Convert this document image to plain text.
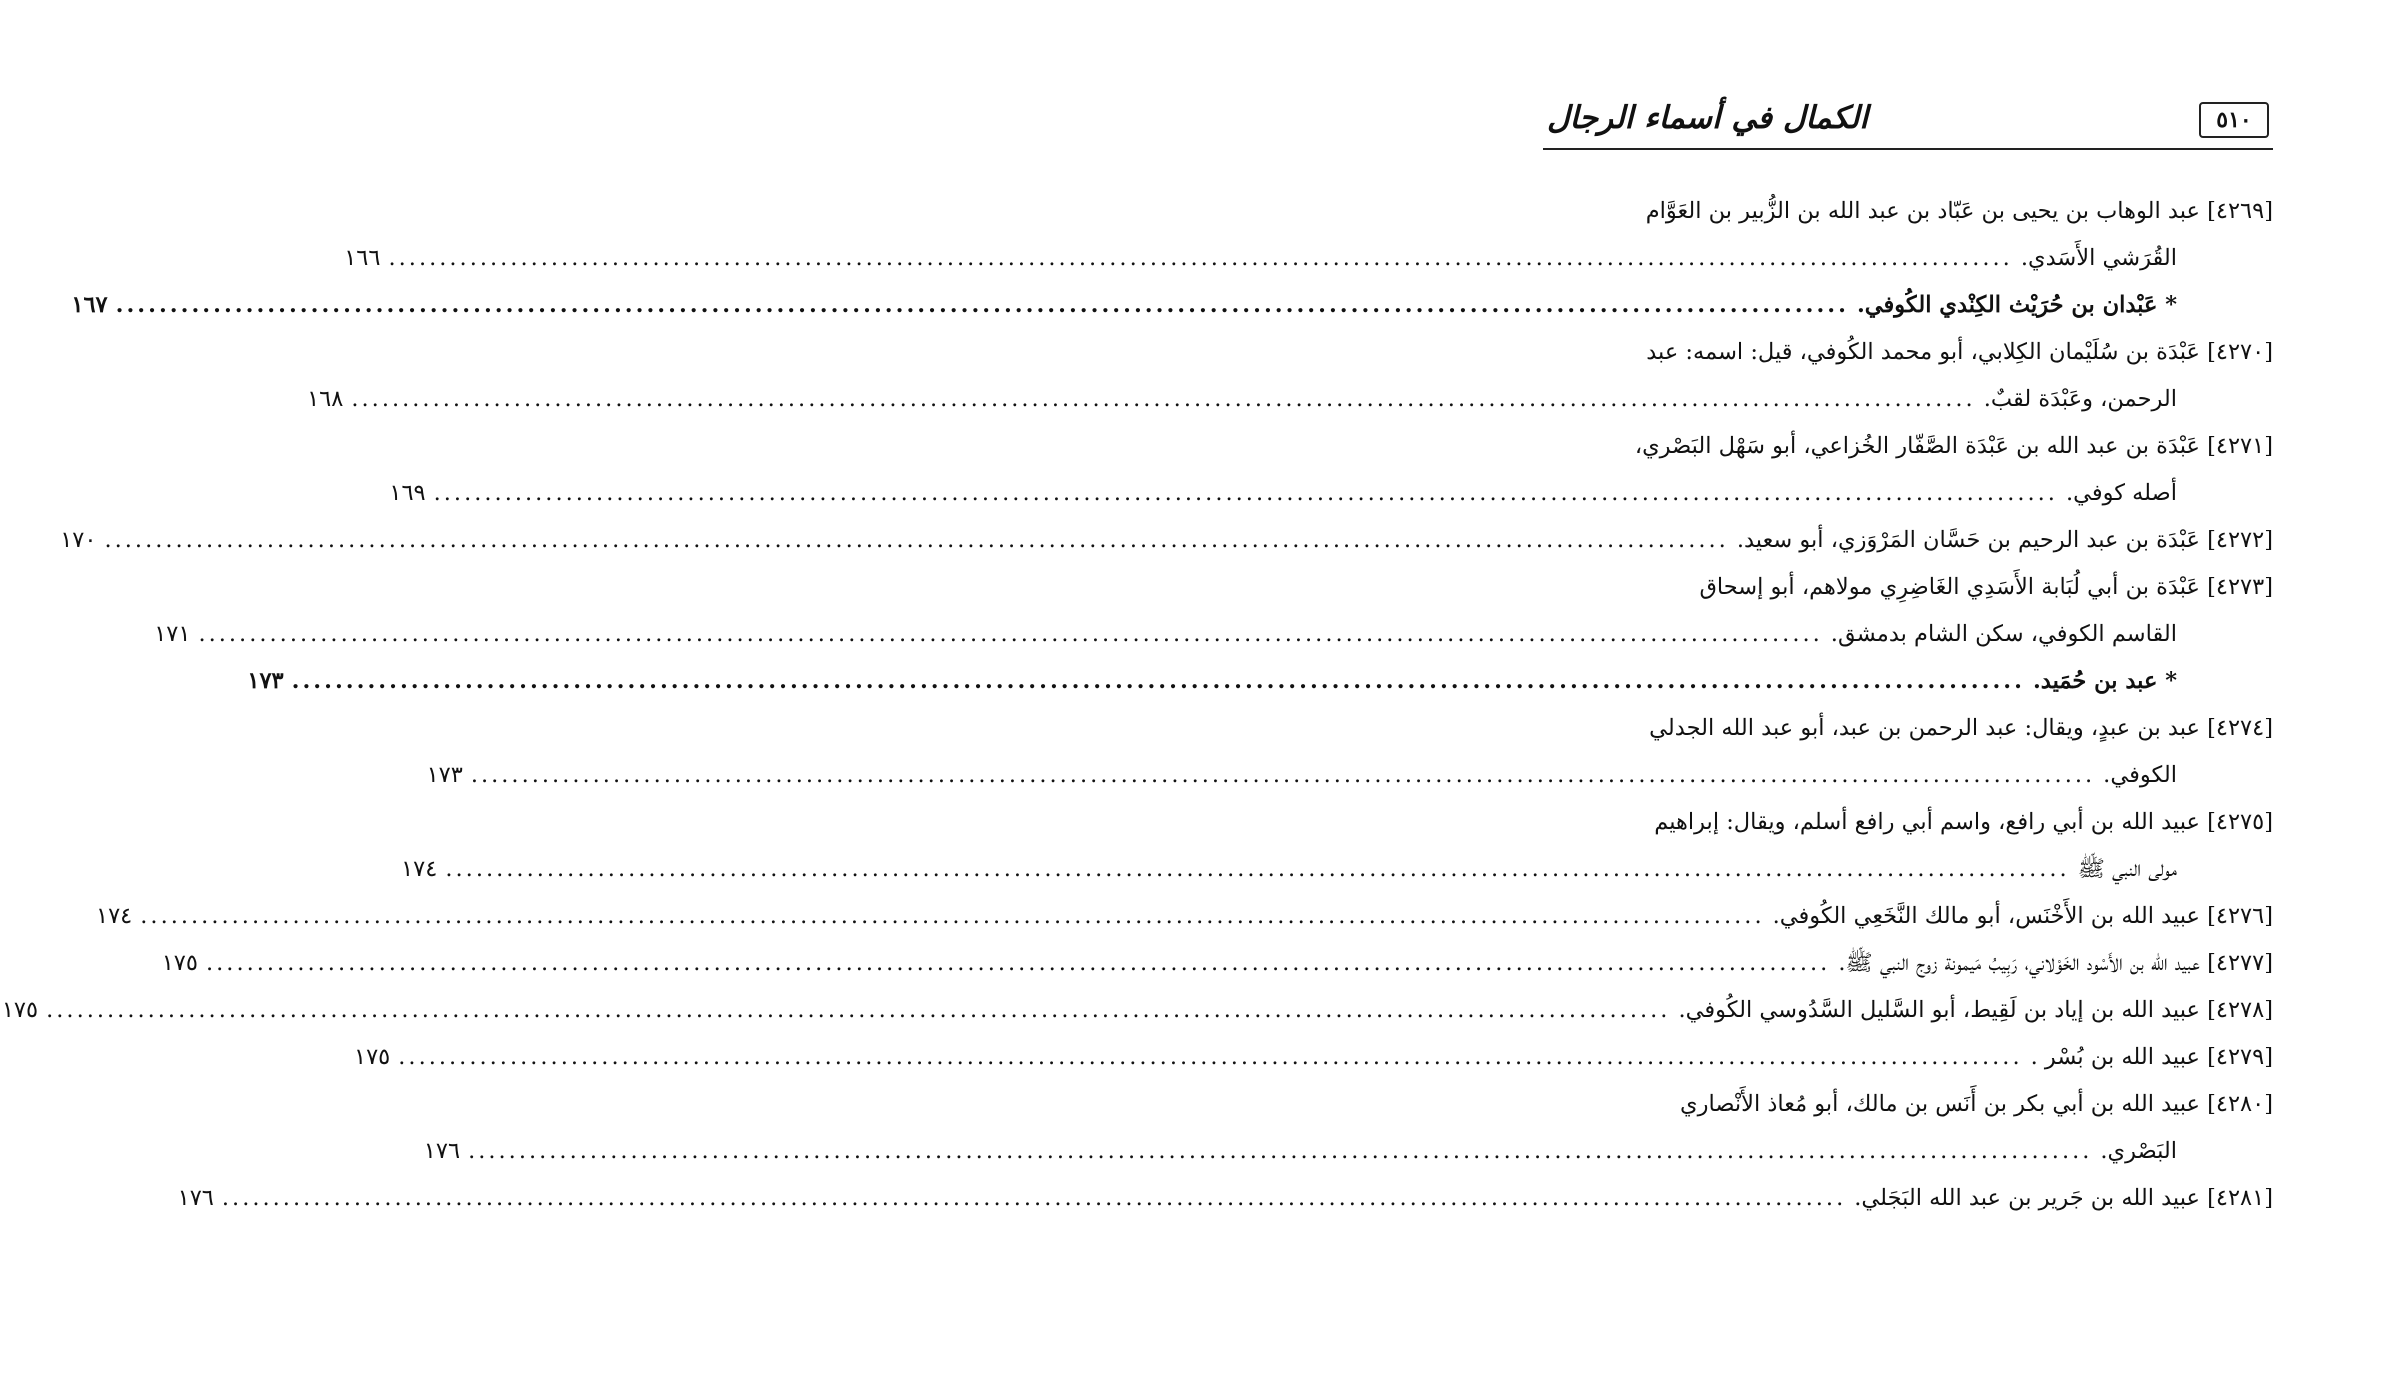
٥١٠
الكمال في أسماء الرجال
[٤٢٦٩] عبد الوهاب بن يحيى بن عَبّاد بن عبد الله بن الزُّبير بن العَوَّام
القُرَشي الأَسَدي.
................................................................................................................................................................
١٦٦
* عَبْدان بن حُرَيْث الكِنْدي الكُوفي.
................................................................................................................................................................
١٦٧
[٤٢٧٠] عَبْدَة بن سُلَيْمان الكِلابي، أبو محمد الكُوفي، قيل: اسمه: عبد
الرحمن، وعَبْدَة لقبٌ.
................................................................................................................................................................
١٦٨
[٤٢٧١] عَبْدَة بن عبد الله بن عَبْدَة الصَّفّار الخُزاعي، أبو سَهْل البَصْري،
أصله كوفي.
................................................................................................................................................................
١٦٩
[٤٢٧٢] عَبْدَة بن عبد الرحيم بن حَسَّان المَرْوَزي، أبو سعيد.
................................................................................................................................................................
١٧٠
[٤٢٧٣] عَبْدَة بن أبي لُبَابة الأَسَدِي الغَاضِرِي مولاهم، أبو إسحاق
القاسم الكوفي، سكن الشام بدمشق.
................................................................................................................................................................
١٧١
* عبد بن حُمَيد.
................................................................................................................................................................
١٧٣
[٤٢٧٤] عبد بن عبدٍ، ويقال: عبد الرحمن بن عبد، أبو عبد الله الجدلي
الكوفي.
................................................................................................................................................................
١٧٣
[٤٢٧٥] عبيد الله بن أبي رافع، واسم أبي رافع أسلم، ويقال: إبراهيم
مولى النبي ﷺ
................................................................................................................................................................
١٧٤
[٤٢٧٦] عبيد الله بن الأَخْنَس، أبو مالك النَّخَعِي الكُوفي.
................................................................................................................................................................
١٧٤
[٤٢٧٧] عبيد الله بن الأَسْود الخَوْلاني، رَبِيبُ مَيمونة زوج النبي ﷺ.
................................................................................................................................................................
١٧٥
[٤٢٧٨] عبيد الله بن إياد بن لَقِيط، أبو السَّليل السَّدُوسي الكُوفي.
................................................................................................................................................................
١٧٥
[٤٢٧٩] عبيد الله بن بُسْر .
................................................................................................................................................................
١٧٥
[٤٢٨٠] عبيد الله بن أبي بكر بن أَنَس بن مالك، أبو مُعاذ الأَنْصاري
البَصْري.
................................................................................................................................................................
١٧٦
[٤٢٨١] عبيد الله بن جَرير بن عبد الله البَجَلي.
................................................................................................................................................................
١٧٦
